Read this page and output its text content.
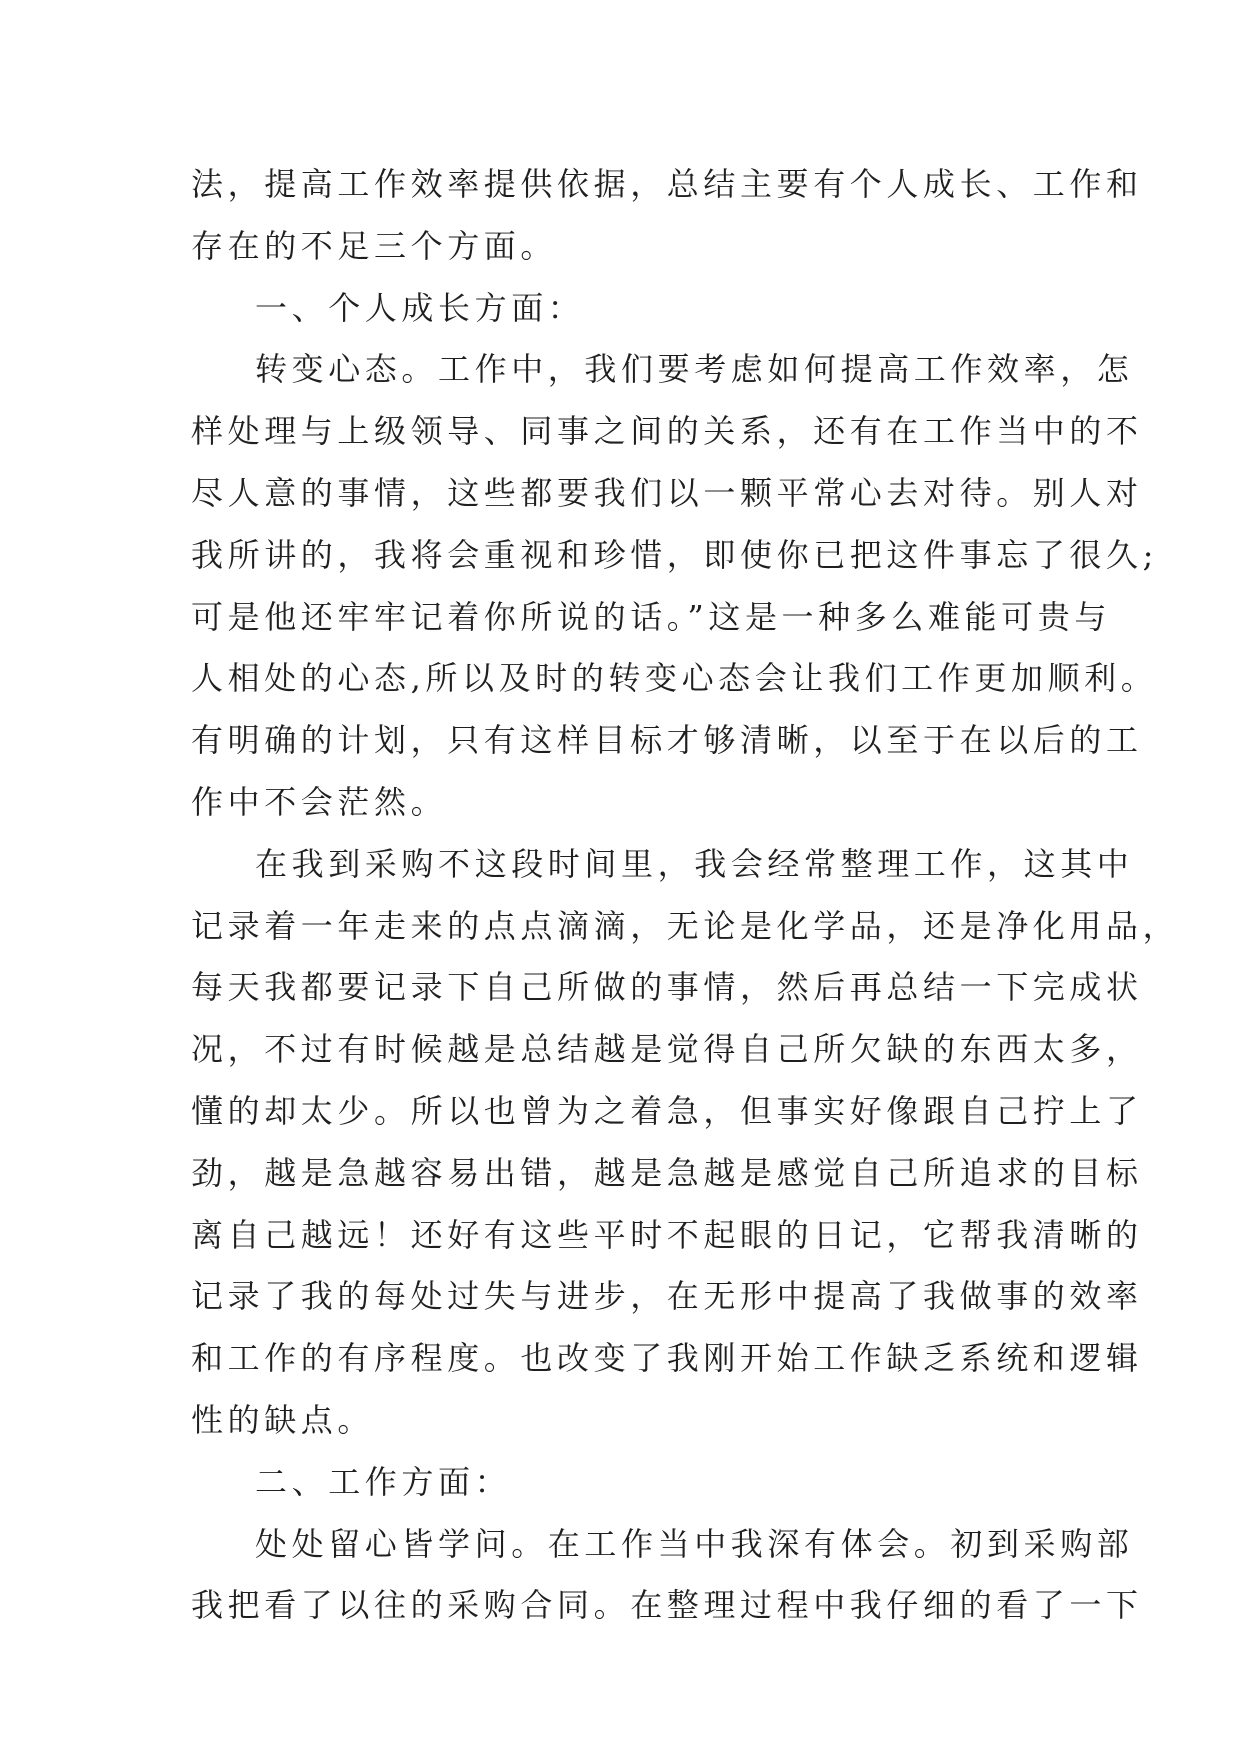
法，提高工作效率提供依据，总结主要有个人成长、工作和
存在的不足三个方面。
一、个人成长方面：
转变心态。工作中，我们要考虑如何提高工作效率，怎
样处理与上级领导、同事之间的关系，还有在工作当中的不
尽人意的事情，这些都要我们以一颗平常心去对待。别人对
我所讲的，我将会重视和珍惜，即使你已把这件事忘了很久;
可是他还牢牢记着你所说的话。”这是一种多么难能可贵与
人相处的心态,所以及时的转变心态会让我们工作更加顺利。
有明确的计划，只有这样目标才够清晰，以至于在以后的工
作中不会茫然。
在我到采购不这段时间里，我会经常整理工作，这其中
记录着一年走来的点点滴滴，无论是化学品，还是净化用品，
每天我都要记录下自己所做的事情，然后再总结一下完成状
况，不过有时候越是总结越是觉得自己所欠缺的东西太多，
懂的却太少。所以也曾为之着急，但事实好像跟自己拧上了
劲，越是急越容易出错，越是急越是感觉自己所追求的目标
离自己越远！还好有这些平时不起眼的日记，它帮我清晰的
记录了我的每处过失与进步，在无形中提高了我做事的效率
和工作的有序程度。也改变了我刚开始工作缺乏系统和逻辑
性的缺点。
二、工作方面：
处处留心皆学问。在工作当中我深有体会。初到采购部
我把看了以往的采购合同。在整理过程中我仔细的看了一下
